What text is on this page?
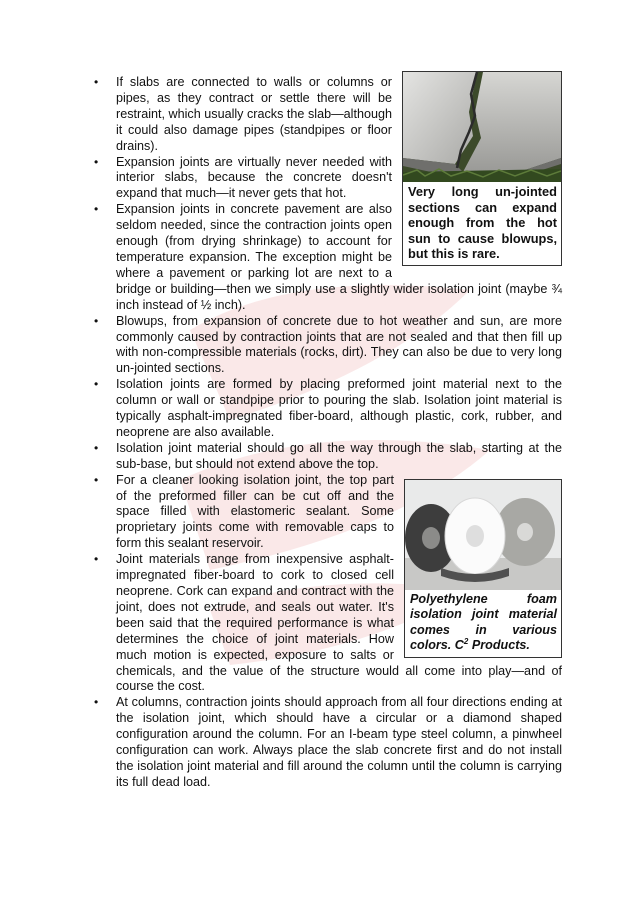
Very long un-jointed sections can expand enough from the hot sun to cause blowups, but this is rare.
• If slabs are connected to walls or columns or pipes, as they contract or settle there will be restraint, which usually cracks the slab—although it could also damage pipes (standpipes or floor drains).
• Expansion joints are virtually never needed with interior slabs, because the concrete doesn't expand that much—it never gets that hot.
• Expansion joints in concrete pavement are also seldom needed, since the contraction joints open enough (from drying shrinkage) to account for temperature expansion. The exception might be where a pavement or parking lot are next to a bridge or building—then we simply use a slightly wider isolation joint (maybe ¾ inch instead of ½ inch).
• Blowups, from expansion of concrete due to hot weather and sun, are more commonly caused by contraction joints that are not sealed and that then fill up with non-compressible materials (rocks, dirt). They can also be due to very long un-jointed sections.
• Isolation joints are formed by placing preformed joint material next to the column or wall or standpipe prior to pouring the slab. Isolation joint material is typically asphalt-impregnated fiber-board, although plastic, cork, rubber, and neoprene are also available.
• Isolation joint material should go all the way through the slab, starting at the sub-base, but should not extend above the top.
Polyethylene foam isolation joint material comes in various colors. $C^2$ Products.
• For a cleaner looking isolation joint, the top part of the preformed filler can be cut off and the space filled with elastomeric sealant. Some proprietary joints come with removable caps to form this sealant reservoir.
• Joint materials range from inexpensive asphalt-impregnated fiber-board to cork to closed cell neoprene. Cork can expand and contract with the joint, does not extrude, and seals out water. It's been said that the required performance is what determines the choice of joint materials. How much motion is expected, exposure to salts or chemicals, and the value of the structure would all come into play—and of course the cost.
• At columns, contraction joints should approach from all four directions ending at the isolation joint, which should have a circular or a diamond shaped configuration around the column. For an I-beam type steel column, a pinwheel configuration can work. Always place the slab concrete first and do not install the isolation joint material and fill around the column until the column is carrying its full dead load.
